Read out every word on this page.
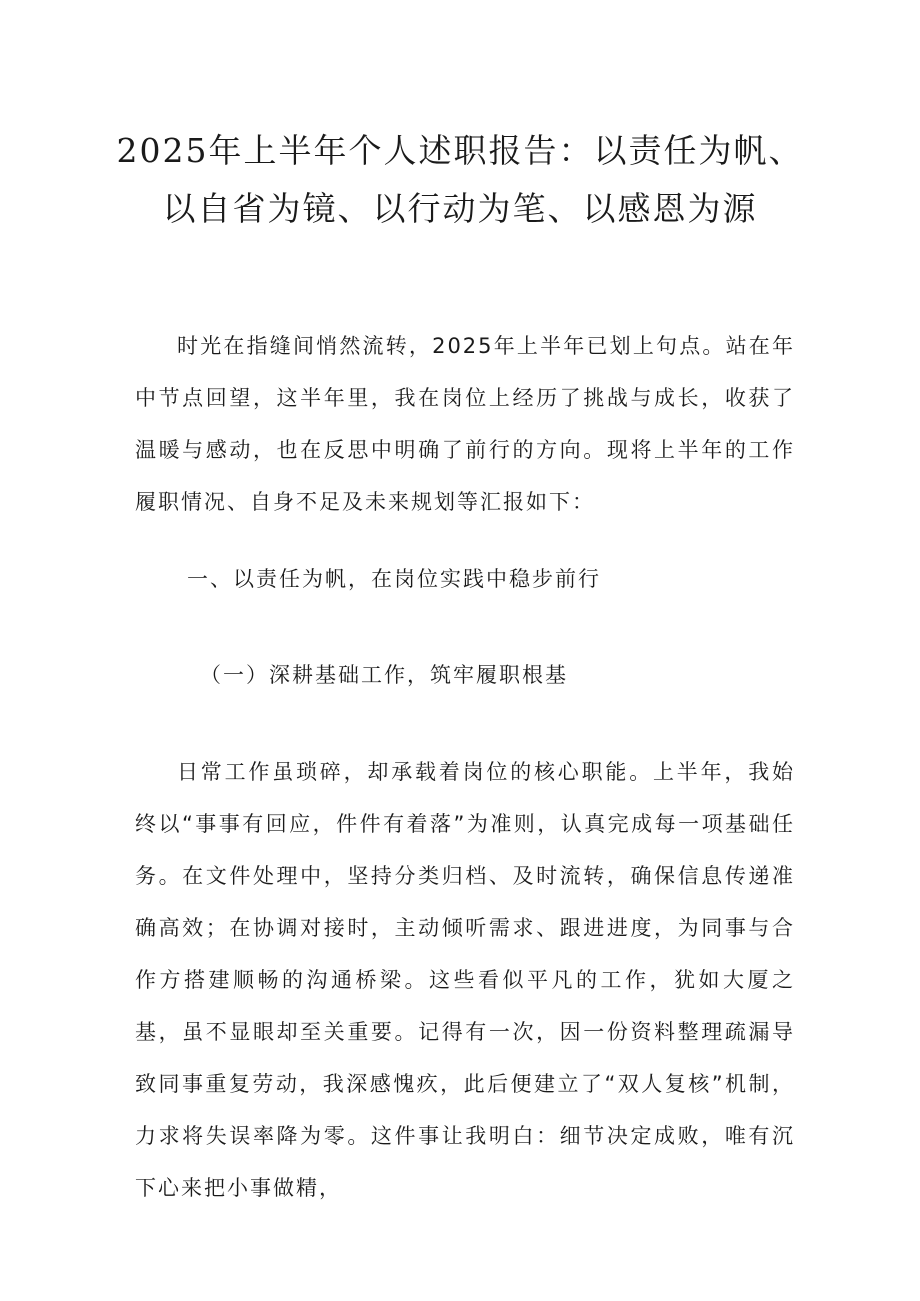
2025年上半年个人述职报告：以责任为帆、
以自省为镜、以行动为笔、以感恩为源

时光在指缝间悄然流转，2025年上半年已划上句点。站在年中节点回望，这半年里，我在岗位上经历了挑战与成长，收获了温暖与感动，也在反思中明确了前行的方向。现将上半年的工作履职情况、自身不足及未来规划等汇报如下：

一、以责任为帆，在岗位实践中稳步前行

（一）深耕基础工作，筑牢履职根基

日常工作虽琐碎，却承载着岗位的核心职能。上半年，我始终以“事事有回应，件件有着落”为准则，认真完成每一项基础任务。在文件处理中，坚持分类归档、及时流转，确保信息传递准确高效；在协调对接时，主动倾听需求、跟进进度，为同事与合作方搭建顺畅的沟通桥梁。这些看似平凡的工作，犹如大厦之基，虽不显眼却至关重要。记得有一次，因一份资料整理疏漏导致同事重复劳动，我深感愧疚，此后便建立了“双人复核”机制，力求将失误率降为零。这件事让我明白：细节决定成败，唯有沉下心来把小事做精，
